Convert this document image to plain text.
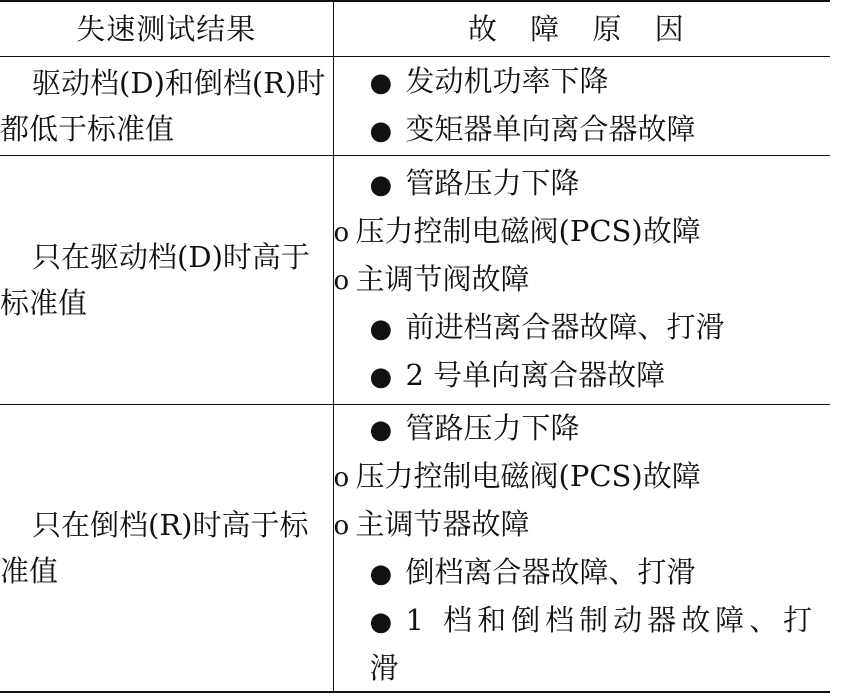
失速测试结果	故 障 原 因
驱动档(D)和倒档(R)时都低于标准值	● 发动机功率下降
● 变矩器单向离合器故障

只在驱动档(D)时高于标准值	● 管路压力下降
o 压力控制电磁阀(PCS)故障
o 主调节阀故障
● 前进档离合器故障、打滑
● 2 号单向离合器故障

只在倒档(R)时高于标准值	● 管路压力下降
o 压力控制电磁阀(PCS)故障
o 主调节器故障
● 倒档离合器故障、打滑
● 1 档和倒档制动器故障、打滑
